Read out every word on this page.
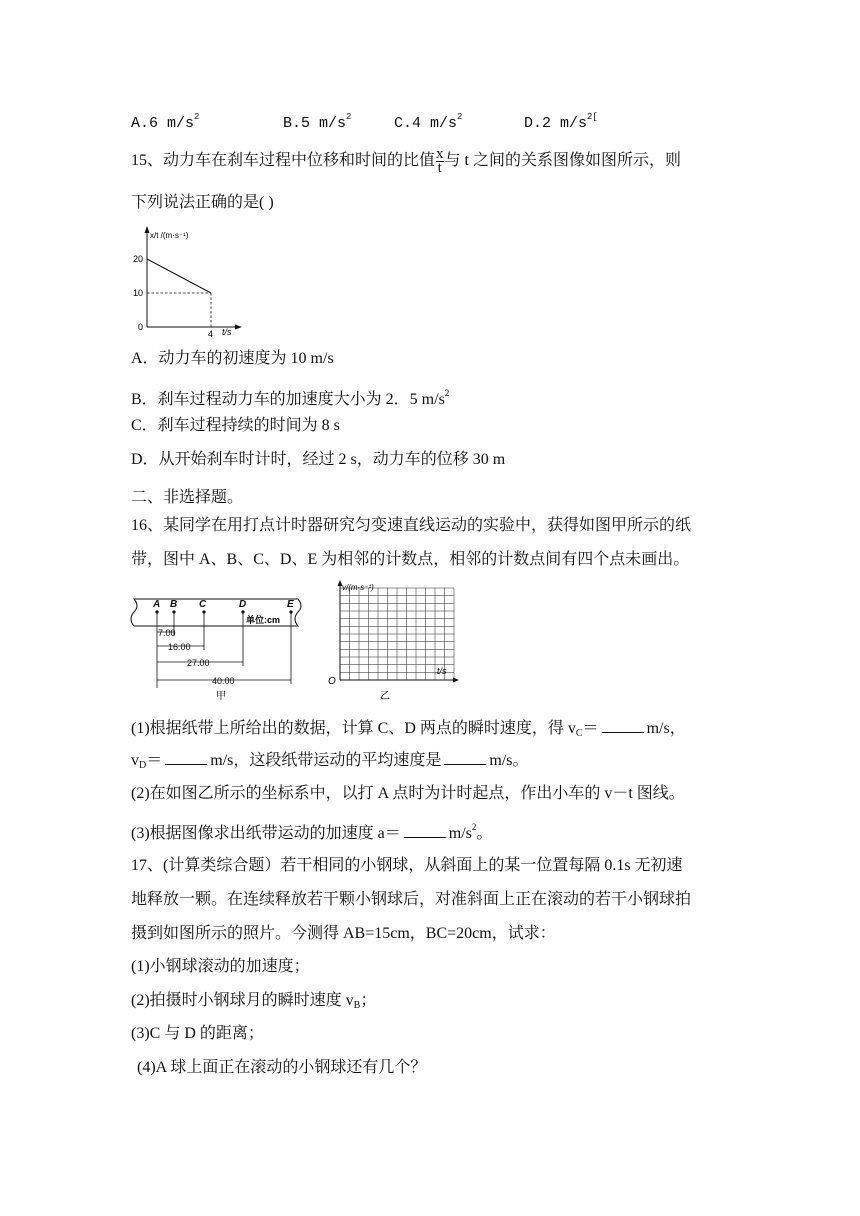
A.6 $m/s^2$	B.5 $m/s^2$	C.4 $m/s^2$	D.2 $m/s^{2[}$
15、动力车在刹车过程中位移和时间的比值 $\frac{x}{t}$ 与 t 之间的关系图像如图所示，则
下列说法正确的是( )
x/t /(m·s⁻¹)
t/s
20
10
0
4
A．动力车的初速度为 10 m/s
B．刹车过程动力车的加速度大小为 2．5 $m/s^2$
C．刹车过程持续的时间为 8 s
D．从开始刹车时计时，经过 2 s，动力车的位移 30 m
二、非选择题。
16、某同学在用打点计时器研究匀变速直线运动的实验中，获得如图甲所示的纸
带，图中 A、B、C、D、E 为相邻的计数点，相邻的计数点间有四个点未画出。
A B C	D	E
单位:cm
7.00
16.00
27.00
40.00
甲
v/(m·s⁻¹)
t/s
O
乙
(1)根据纸带上所给出的数据，计算 C、D 两点的瞬时速度，得 $v_C=$	m/s，
$v_D=$	m/s，这段纸带运动的平均速度是	m/s。
(2)在如图乙所示的坐标系中，以打 A 点时为计时起点，作出小车的 v－t 图线。
(3)根据图像求出纸带运动的加速度 a＝	$m/s^2$。
17、(计算类综合题）若干相同的小钢球，从斜面上的某一位置每隔 0.1s 无初速
地释放一颗。在连续释放若干颗小钢球后，对准斜面上正在滚动的若干小钢球拍
摄到如图所示的照片。今测得 AB=15cm，BC=20cm，试求：
(1)小钢球滚动的加速度；
(2)拍摄时小钢球月的瞬时速度 $v_B$；
(3)C 与 D 的距离；
(4)A 球上面正在滚动的小钢球还有几个？
